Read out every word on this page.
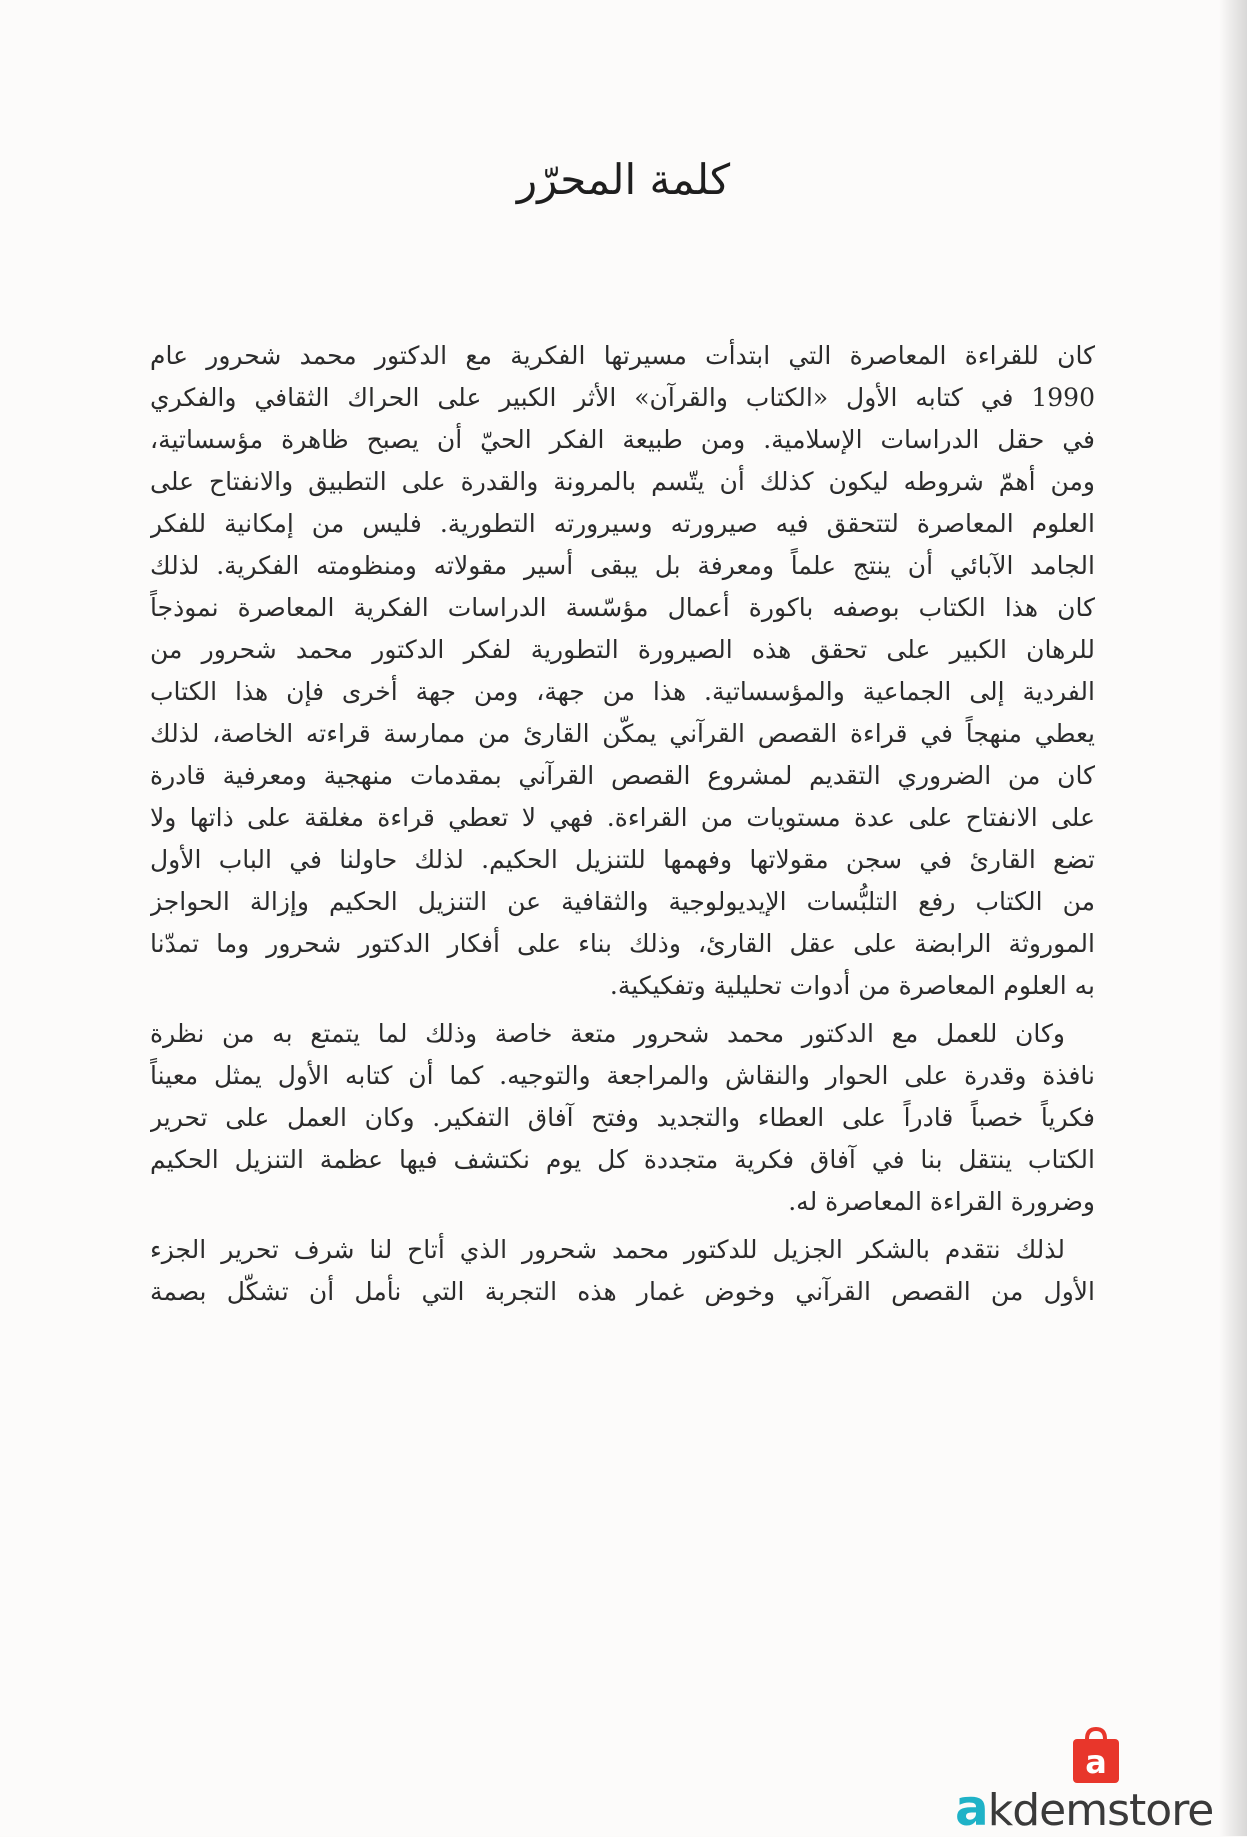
كلمة المحرّر
كان للقراءة المعاصرة التي ابتدأت مسيرتها الفكرية مع الدكتور محمد شحرور عام
1990 في كتابه الأول «الكتاب والقرآن» الأثر الكبير على الحراك الثقافي والفكري
في حقل الدراسات الإسلامية. ومن طبيعة الفكر الحيّ أن يصبح ظاهرة مؤسساتية،
ومن أهمّ شروطه ليكون كذلك أن يتّسم بالمرونة والقدرة على التطبيق والانفتاح على
العلوم المعاصرة لتتحقق فيه صيرورته وسيرورته التطورية. فليس من إمكانية للفكر
الجامد الآبائي أن ينتج علماً ومعرفة بل يبقى أسير مقولاته ومنظومته الفكرية. لذلك
كان هذا الكتاب بوصفه باكورة أعمال مؤسّسة الدراسات الفكرية المعاصرة نموذجاً
للرهان الكبير على تحقق هذه الصيرورة التطورية لفكر الدكتور محمد شحرور من
الفردية إلى الجماعية والمؤسساتية. هذا من جهة، ومن جهة أخرى فإن هذا الكتاب
يعطي منهجاً في قراءة القصص القرآني يمكّن القارئ من ممارسة قراءته الخاصة، لذلك
كان من الضروري التقديم لمشروع القصص القرآني بمقدمات منهجية ومعرفية قادرة
على الانفتاح على عدة مستويات من القراءة. فهي لا تعطي قراءة مغلقة على ذاتها ولا
تضع القارئ في سجن مقولاتها وفهمها للتنزيل الحكيم. لذلك حاولنا في الباب الأول
من الكتاب رفع التلبُّسات الإيديولوجية والثقافية عن التنزيل الحكيم وإزالة الحواجز
الموروثة الرابضة على عقل القارئ، وذلك بناء على أفكار الدكتور شحرور وما تمدّنا
به العلوم المعاصرة من أدوات تحليلية وتفكيكية.
وكان للعمل مع الدكتور محمد شحرور متعة خاصة وذلك لما يتمتع به من نظرة
نافذة وقدرة على الحوار والنقاش والمراجعة والتوجيه. كما أن كتابه الأول يمثل معيناً
فكرياً خصباً قادراً على العطاء والتجديد وفتح آفاق التفكير. وكان العمل على تحرير
الكتاب ينتقل بنا في آفاق فكرية متجددة كل يوم نكتشف فيها عظمة التنزيل الحكيم
وضرورة القراءة المعاصرة له.
لذلك نتقدم بالشكر الجزيل للدكتور محمد شحرور الذي أتاح لنا شرف تحرير الجزء
الأول من القصص القرآني وخوض غمار هذه التجربة التي نأمل أن تشكّل بصمة
a
akdemstore
